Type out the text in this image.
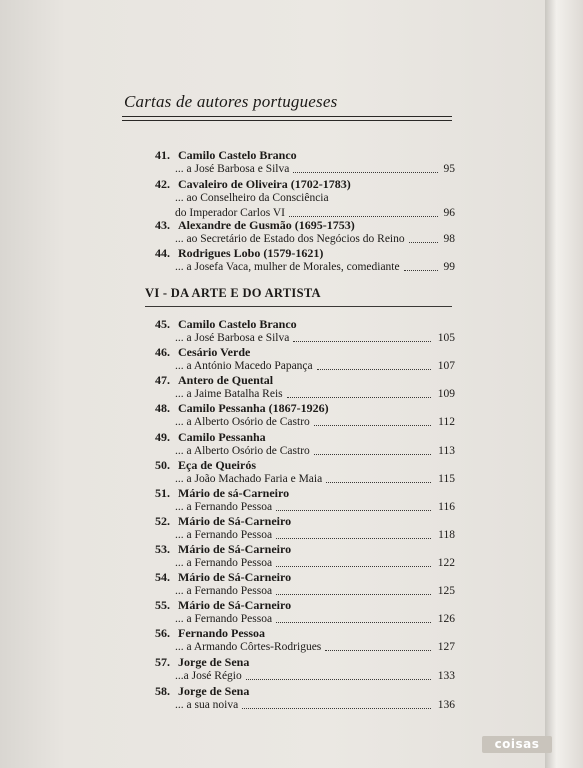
Cartas de autores portugueses
VI - DA ARTE E DO ARTISTA
41. Camilo Castelo Branco
... a José Barbosa e Silva	95
42. Cavaleiro de Oliveira (1702-1783)
... ao Conselheiro da Consciência
do Imperador Carlos VI	96
43. Alexandre de Gusmão (1695-1753)
... ao Secretário de Estado dos Negócios do Reino	98
44. Rodrigues Lobo (1579-1621)
... a Josefa Vaca, mulher de Morales, comediante	99
45. Camilo Castelo Branco
... a José Barbosa e Silva	105
46. Cesário Verde
... a António Macedo Papança	107
47. Antero de Quental
... a Jaime Batalha Reis	109
48. Camilo Pessanha (1867-1926)
... a Alberto Osório de Castro	112
49. Camilo Pessanha
... a Alberto Osório de Castro	113
50. Eça de Queirós
... a João Machado Faria e Maia	115
51. Mário de sá-Carneiro
... a Fernando Pessoa	116
52. Mário de Sá-Carneiro
... a Fernando Pessoa	118
53. Mário de Sá-Carneiro
... a Fernando Pessoa	122
54. Mário de Sá-Carneiro
... a Fernando Pessoa	125
55. Mário de Sá-Carneiro
... a Fernando Pessoa	126
56. Fernando Pessoa
... a Armando Côrtes-Rodrigues	127
57. Jorge de Sena
...a José Régio	133
58. Jorge de Sena
... a sua noiva	136
coisas
